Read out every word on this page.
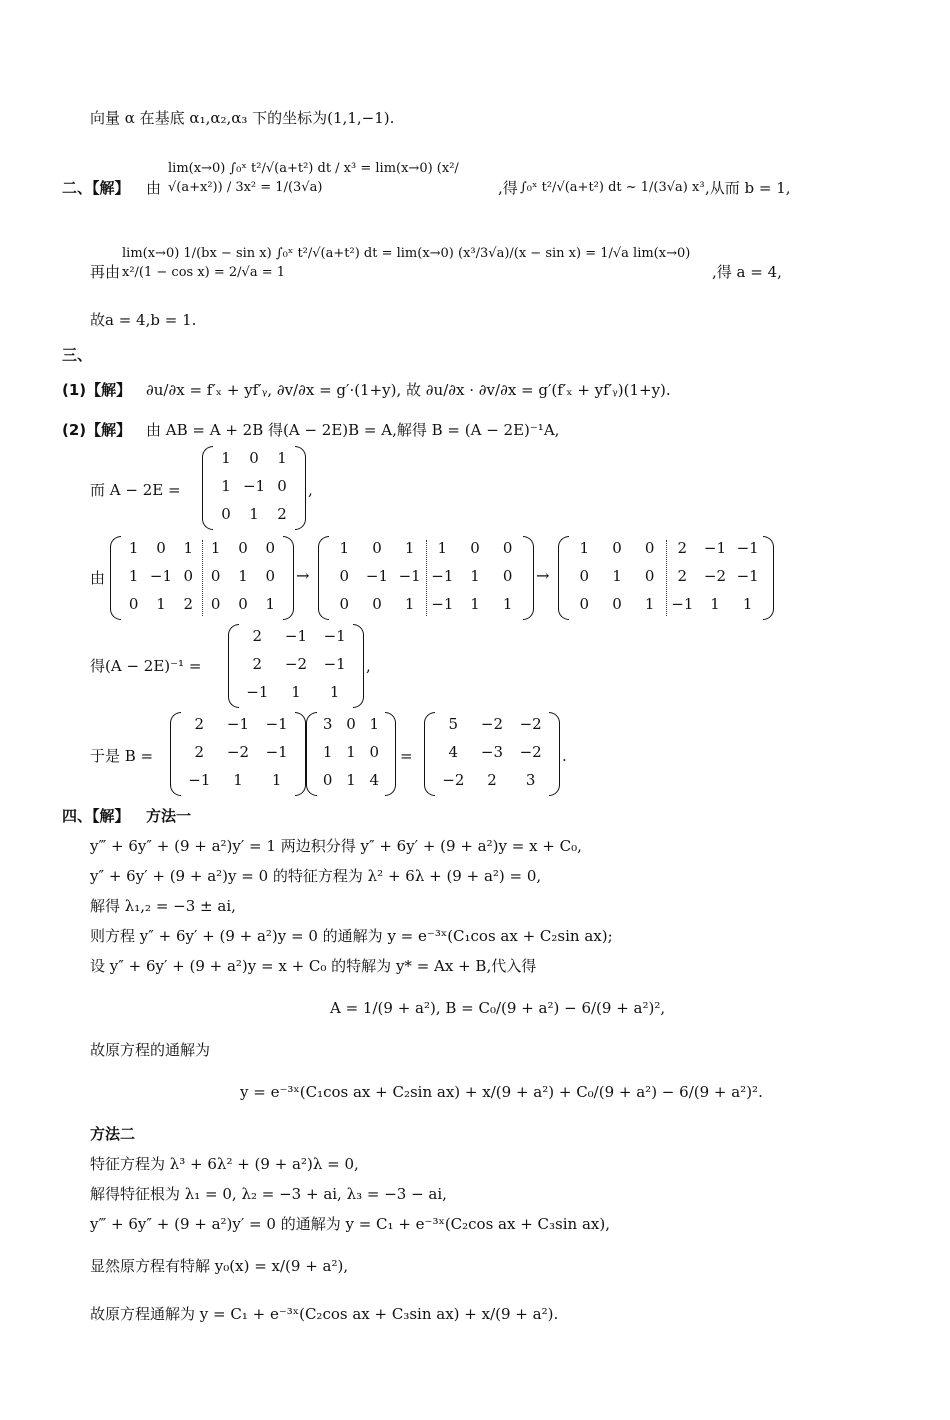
向量 α 在基底 α₁,α₂,α₃ 下的坐标为(1,1,−1).
二、【解】 由
lim(x→0) ∫₀ˣ t²/√(a+t²) dt / x³ = lim(x→0) (x²/√(a+x²)) / 3x² = 1/(3√a)	,得 ∫₀ˣ t²/√(a+t²) dt ~ 1/(3√a) x³ ,从而 b = 1,
再由
lim(x→0) 1/(bx − sin x) ∫₀ˣ t²/√(a+t²) dt = lim(x→0) (x³/3√a)/(x − sin x) = 1/√a lim(x→0) x²/(1 − cos x) = 2/√a = 1	,得 a = 4,
故a = 4,b = 1.
三、
(1)【解】 ∂u/∂x = f′ₓ + yf′ᵧ, ∂v/∂x = g′·(1+y), 故 ∂u/∂x · ∂v/∂x = g′(f′ₓ + yf′ᵧ)(1+y).
(2)【解】 由 AB = A + 2B 得(A − 2E)B = A,解得 B = (A − 2E)⁻¹A,
而 A − 2E =
1	0	1
1 −1 0
0	1	2
,
由
1	0	1	1	0	0
1 −1 0	0	1	0
0	1	2	0	0	1
→
1	0	1	1	0	0
0	−1 −1 −1	1	0
0	0	1	−1	1	1
→
1	0	0	2	−1 −1
0	1	0	2	−2 −1
0	0	1	−1	1	1
得(A − 2E)⁻¹ =
2	−1	−1
2	−2	−1
−1	1	1
,
于是 B =
2	−1	−1
2	−2	−1
−1	1	1
3 0 1
1 1 0
0 1 4
=
5	−2	−2
4	−3	−2
−2	2	3
.
四、【解】 方法一
y‴ + 6y″ + (9 + a²)y′ = 1 两边积分得 y″ + 6y′ + (9 + a²)y = x + C₀,
y″ + 6y′ + (9 + a²)y = 0 的特征方程为 λ² + 6λ + (9 + a²) = 0,
解得 λ₁,₂ = −3 ± ai,
则方程 y″ + 6y′ + (9 + a²)y = 0 的通解为 y = e⁻³ˣ(C₁cos ax + C₂sin ax);
设 y″ + 6y′ + (9 + a²)y = x + C₀ 的特解为 y* = Ax + B,代入得
A = 1/(9 + a²), B = C₀/(9 + a²) − 6/(9 + a²)²,
故原方程的通解为
y = e⁻³ˣ(C₁cos ax + C₂sin ax) + x/(9 + a²) + C₀/(9 + a²) − 6/(9 + a²)².
方法二
特征方程为 λ³ + 6λ² + (9 + a²)λ = 0,
解得特征根为 λ₁ = 0, λ₂ = −3 + ai, λ₃ = −3 − ai,
y‴ + 6y″ + (9 + a²)y′ = 0 的通解为 y = C₁ + e⁻³ˣ(C₂cos ax + C₃sin ax),
显然原方程有特解 y₀(x) = x/(9 + a²),
故原方程通解为 y = C₁ + e⁻³ˣ(C₂cos ax + C₃sin ax) + x/(9 + a²).
